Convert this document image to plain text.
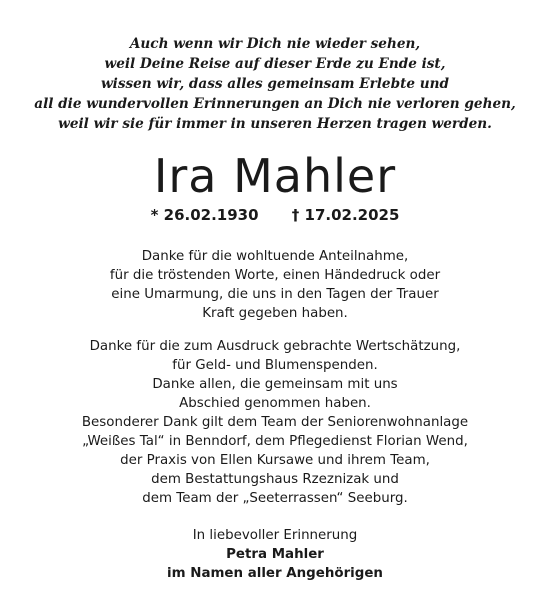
Auch wenn wir Dich nie wieder sehen,
weil Deine Reise auf dieser Erde zu Ende ist,
wissen wir, dass alles gemeinsam Erlebte und
all die wundervollen Erinnerungen an Dich nie verloren gehen,
weil wir sie für immer in unseren Herzen tragen werden.
Ira Mahler
* 26.02.1930 † 17.02.2025
Danke für die wohltuende Anteilnahme,
für die tröstenden Worte, einen Händedruck oder
eine Umarmung, die uns in den Tagen der Trauer
Kraft gegeben haben.
Danke für die zum Ausdruck gebrachte Wertschätzung,
für Geld- und Blumenspenden.
Danke allen, die gemeinsam mit uns
Abschied genommen haben.
Besonderer Dank gilt dem Team der Seniorenwohnanlage
„Weißes Tal“ in Benndorf, dem Pflegedienst Florian Wend,
der Praxis von Ellen Kursawe und ihrem Team,
dem Bestattungshaus Rzeznizak und
dem Team der „Seeterrassen“ Seeburg.
In liebevoller Erinnerung
Petra Mahler
im Namen aller Angehörigen
